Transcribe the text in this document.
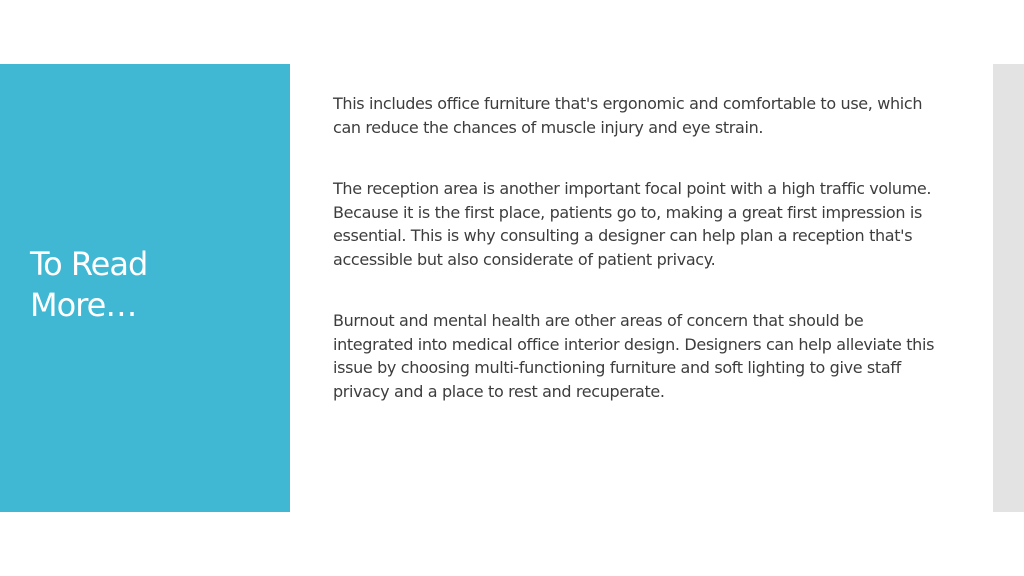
To Read
More…

This includes office furniture that's ergonomic and comfortable to use, which can reduce the chances of muscle injury and eye strain.

The reception area is another important focal point with a high traffic volume. Because it is the first place, patients go to, making a great first impression is essential. This is why consulting a designer can help plan a reception that's accessible but also considerate of patient privacy.

Burnout and mental health are other areas of concern that should be integrated into medical office interior design. Designers can help alleviate this issue by choosing multi-functioning furniture and soft lighting to give staff privacy and a place to rest and recuperate.
